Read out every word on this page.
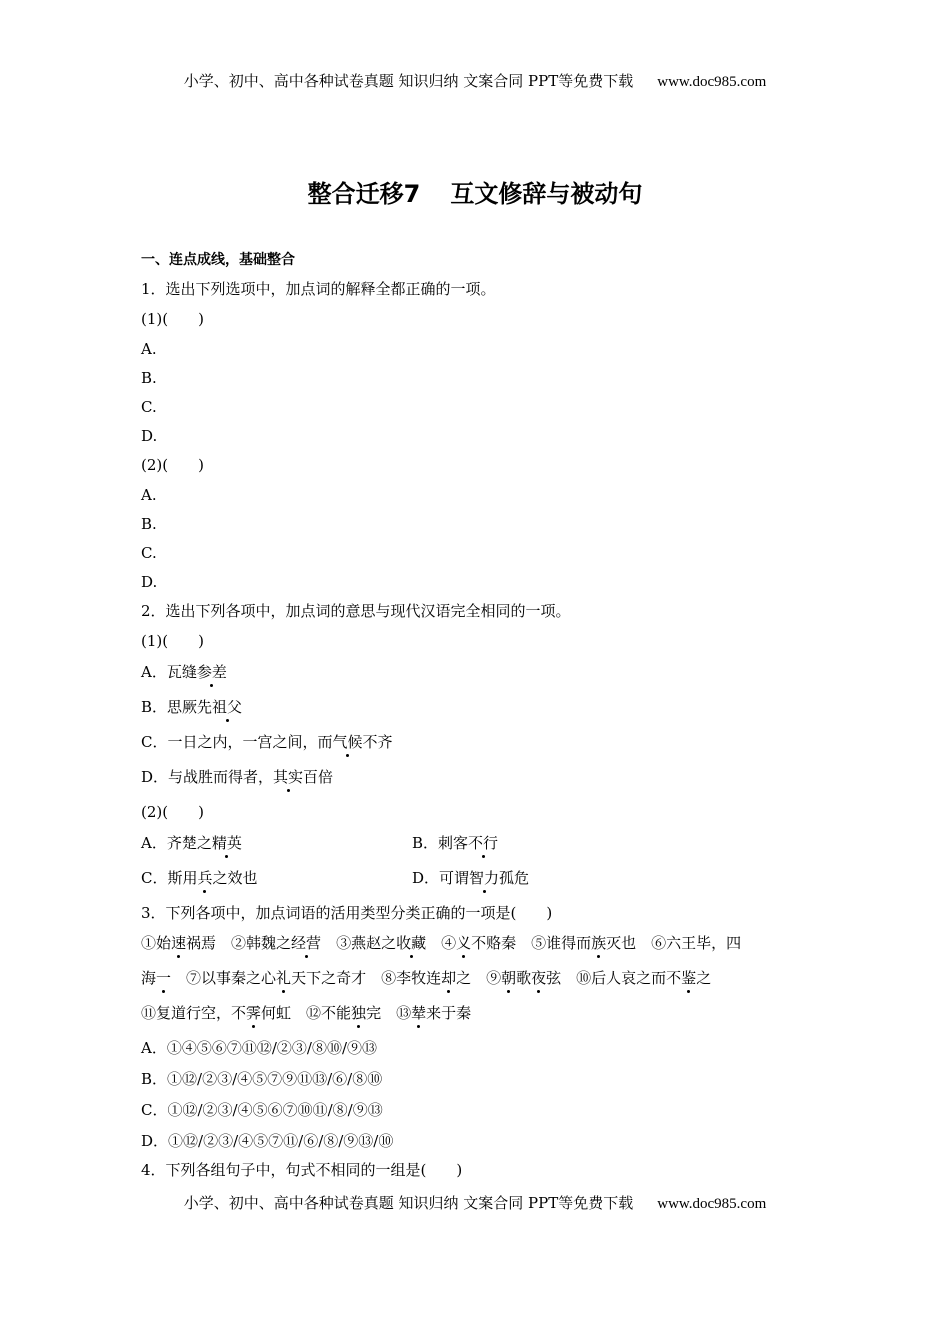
小学、初中、高中各种试卷真题 知识归纳 文案合同 PPT等免费下载 www.doc985.com
整合迁移7 互文修辞与被动句
一、连点成线，基础整合
1．选出下列选项中，加点词的解释全都正确的一项。
(1)(　　)
A.
B.
C.
D.
(2)(　　)
A.
B.
C.
D.
2．选出下列各项中，加点词的意思与现代汉语完全相同的一项。
(1)(　　)
A．瓦缝参差
B．思厥先祖父
C．一日之内，一宫之间，而气候不齐
D．与战胜而得者，其实百倍
(2)(　　)
A．齐楚之精英	B．刺客不行
C．斯用兵之效也	D．可谓智力孤危
3．下列各项中，加点词语的活用类型分类正确的一项是(　　)
①始速祸焉　②韩魏之经营　③燕赵之收藏　④义不赂秦　⑤谁得而族灭也　⑥六王毕，四
海一　⑦以事秦之心礼天下之奇才　⑧李牧连却之　⑨朝歌夜弦　⑩后人哀之而不鉴之
⑪复道行空，不霁何虹　⑫不能独完　⑬辇来于秦
A．①④⑤⑥⑦⑪⑫/②③/⑧⑩/⑨⑬
B．①⑫/②③/④⑤⑦⑨⑪⑬/⑥/⑧⑩
C．①⑫/②③/④⑤⑥⑦⑩⑪/⑧/⑨⑬
D．①⑫/②③/④⑤⑦⑪/⑥/⑧/⑨⑬/⑩
4．下列各组句子中，句式不相同的一组是(　　)
小学、初中、高中各种试卷真题 知识归纳 文案合同 PPT等免费下载 www.doc985.com
